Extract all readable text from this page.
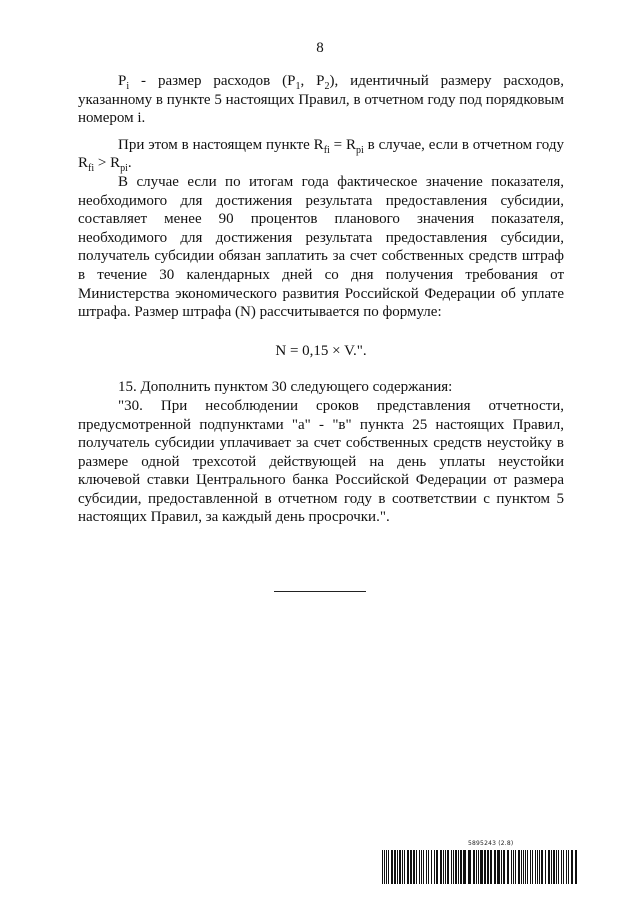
8

$P_i$ - размер расходов ($P_1$, $P_2$), идентичный размеру расходов, указанному в пункте 5 настоящих Правил, в отчетном году под порядковым номером i.

При этом в настоящем пункте $R_{fi} = R_{pi}$ в случае, если в отчетном году $R_{fi} > R_{pi}$.

В случае если по итогам года фактическое значение показателя, необходимого для достижения результата предоставления субсидии, составляет менее 90 процентов планового значения показателя, необходимого для достижения результата предоставления субсидии, получатель субсидии обязан заплатить за счет собственных средств штраф в течение 30 календарных дней со дня получения требования от Министерства экономического развития Российской Федерации об уплате штрафа. Размер штрафа (N) рассчитывается по формуле:

N = 0,15 × V.".

15. Дополнить пунктом 30 следующего содержания:

"30. При несоблюдении сроков представления отчетности, предусмотренной подпунктами "а" - "в" пункта 25 настоящих Правил, получатель субсидии уплачивает за счет собственных средств неустойку в размере одной трехсотой действующей на день уплаты неустойки ключевой ставки Центрального банка Российской Федерации от размера субсидии, предоставленной в отчетном году в соответствии с пунктом 5 настоящих Правил, за каждый день просрочки.".

5895243 (2.8)
